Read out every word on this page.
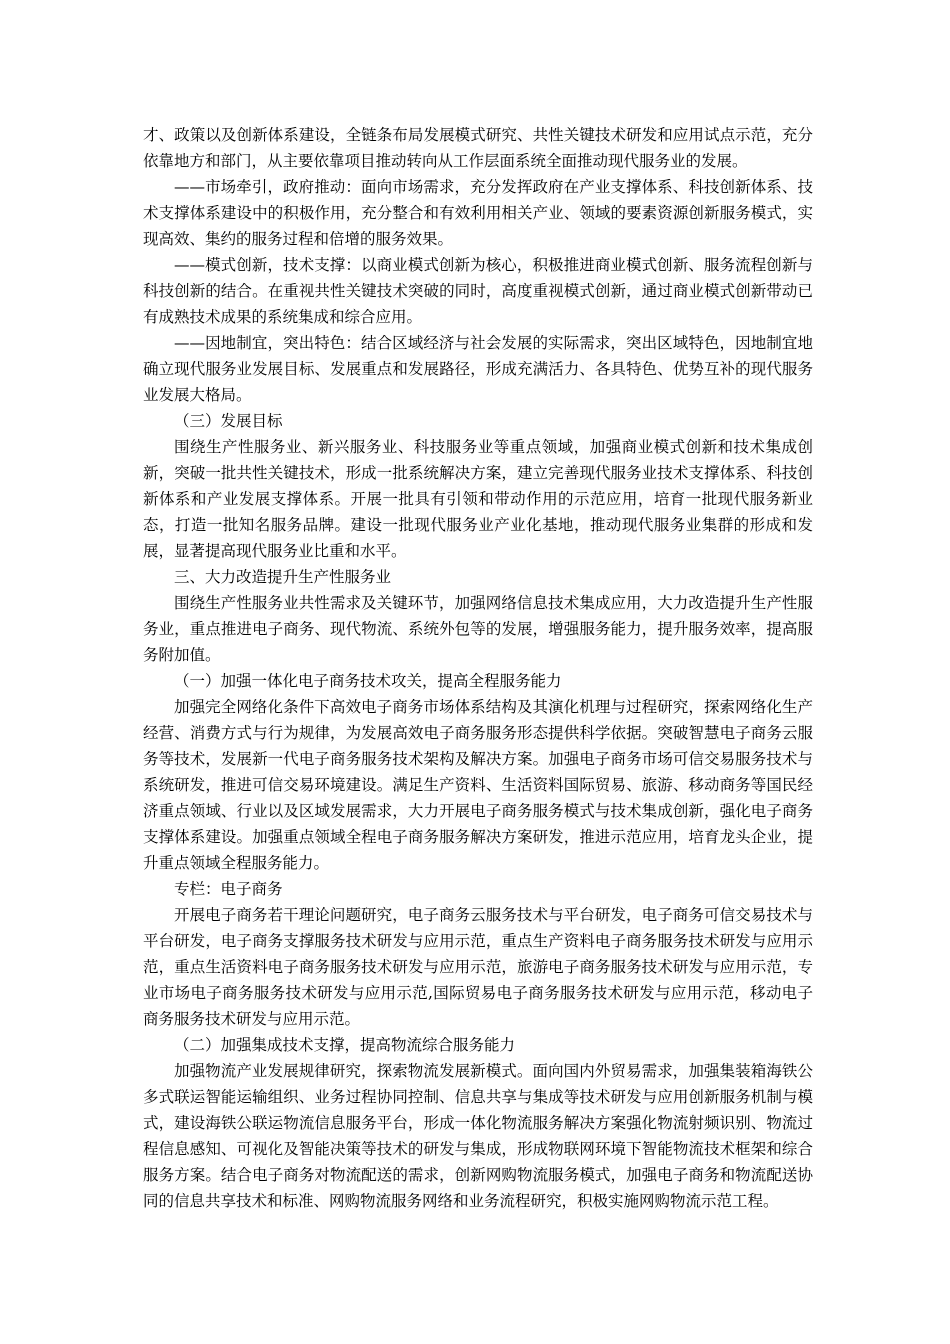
才、政策以及创新体系建设，全链条布局发展模式研究、共性关键技术研发和应用试点示范，充分依靠地方和部门，从主要依靠项目推动转向从工作层面系统全面推动现代服务业的发展。

——市场牵引，政府推动：面向市场需求，充分发挥政府在产业支撑体系、科技创新体系、技术支撑体系建设中的积极作用，充分整合和有效利用相关产业、领域的要素资源创新服务模式，实现高效、集约的服务过程和倍增的服务效果。

——模式创新，技术支撑：以商业模式创新为核心，积极推进商业模式创新、服务流程创新与科技创新的结合。在重视共性关键技术突破的同时，高度重视模式创新，通过商业模式创新带动已有成熟技术成果的系统集成和综合应用。

——因地制宜，突出特色：结合区域经济与社会发展的实际需求，突出区域特色，因地制宜地确立现代服务业发展目标、发展重点和发展路径，形成充满活力、各具特色、优势互补的现代服务业发展大格局。

（三）发展目标

围绕生产性服务业、新兴服务业、科技服务业等重点领域，加强商业模式创新和技术集成创新，突破一批共性关键技术，形成一批系统解决方案，建立完善现代服务业技术支撑体系、科技创新体系和产业发展支撑体系。开展一批具有引领和带动作用的示范应用，培育一批现代服务新业态，打造一批知名服务品牌。建设一批现代服务业产业化基地，推动现代服务业集群的形成和发展，显著提高现代服务业比重和水平。

三、大力改造提升生产性服务业

围绕生产性服务业共性需求及关键环节，加强网络信息技术集成应用，大力改造提升生产性服务业，重点推进电子商务、现代物流、系统外包等的发展，增强服务能力，提升服务效率，提高服务附加值。

（一）加强一体化电子商务技术攻关，提高全程服务能力

加强完全网络化条件下高效电子商务市场体系结构及其演化机理与过程研究，探索网络化生产经营、消费方式与行为规律，为发展高效电子商务服务形态提供科学依据。突破智慧电子商务云服务等技术，发展新一代电子商务服务技术架构及解决方案。加强电子商务市场可信交易服务技术与系统研发，推进可信交易环境建设。满足生产资料、生活资料国际贸易、旅游、移动商务等国民经济重点领域、行业以及区域发展需求，大力开展电子商务服务模式与技术集成创新，强化电子商务支撑体系建设。加强重点领域全程电子商务服务解决方案研发，推进示范应用，培育龙头企业，提升重点领域全程服务能力。

专栏：电子商务

开展电子商务若干理论问题研究，电子商务云服务技术与平台研发，电子商务可信交易技术与平台研发，电子商务支撑服务技术研发与应用示范，重点生产资料电子商务服务技术研发与应用示范，重点生活资料电子商务服务技术研发与应用示范，旅游电子商务服务技术研发与应用示范，专业市场电子商务服务技术研发与应用示范,国际贸易电子商务服务技术研发与应用示范，移动电子商务服务技术研发与应用示范。

（二）加强集成技术支撑，提高物流综合服务能力

加强物流产业发展规律研究，探索物流发展新模式。面向国内外贸易需求，加强集装箱海铁公多式联运智能运输组织、业务过程协同控制、信息共享与集成等技术研发与应用创新服务机制与模式，建设海铁公联运物流信息服务平台，形成一体化物流服务解决方案强化物流射频识别、物流过程信息感知、可视化及智能决策等技术的研发与集成，形成物联网环境下智能物流技术框架和综合服务方案。结合电子商务对物流配送的需求，创新网购物流服务模式，加强电子商务和物流配送协同的信息共享技术和标准、网购物流服务网络和业务流程研究，积极实施网购物流示范工程。
